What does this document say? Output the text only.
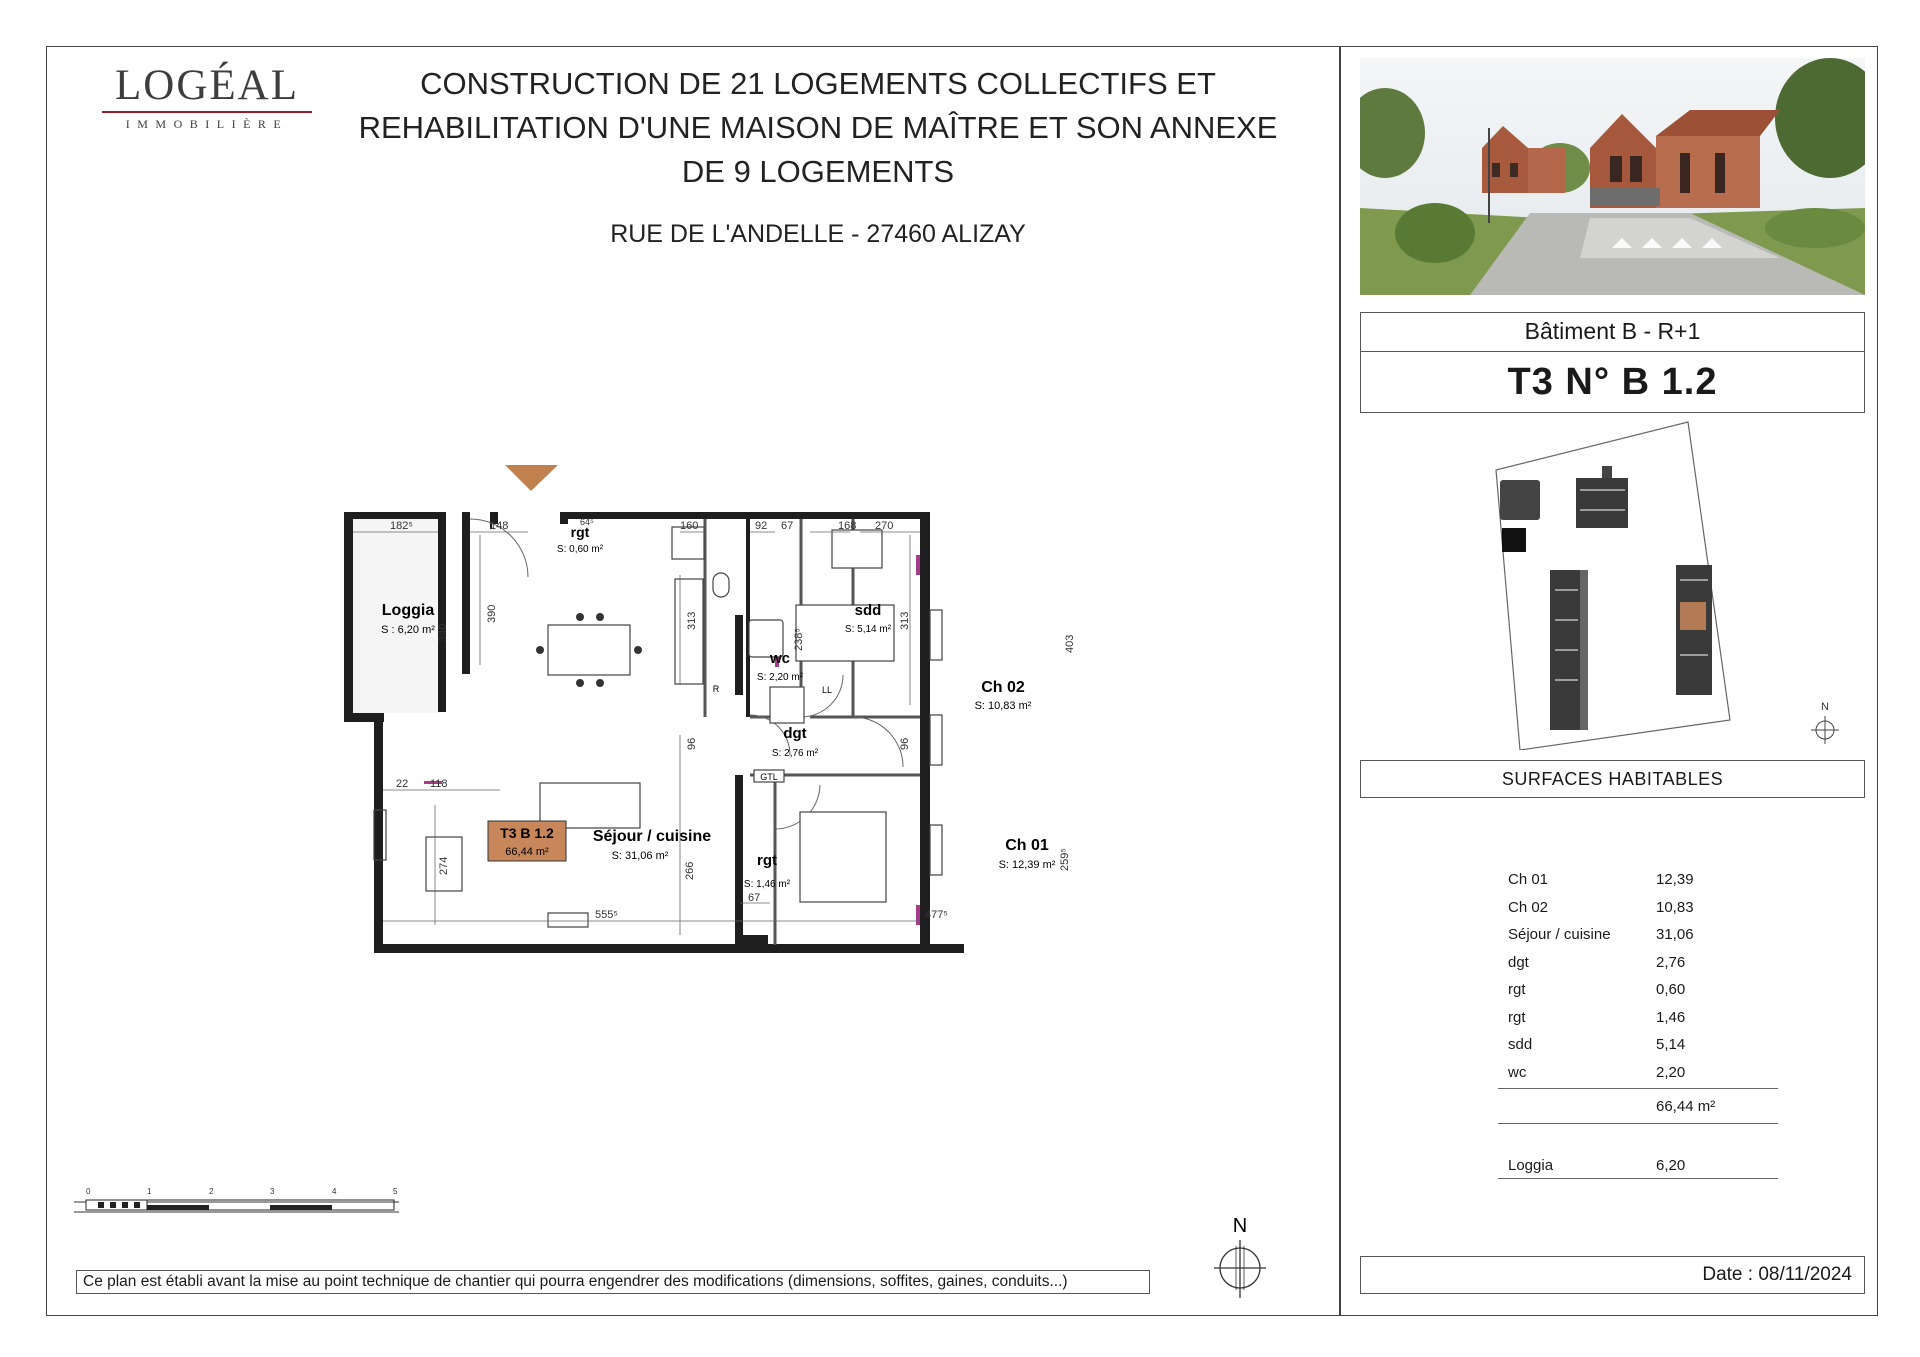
LOGÉAL
IMMOBILIÈRE
CONSTRUCTION DE 21 LOGEMENTS COLLECTIFS ET
REHABILITATION D'UNE MAISON DE MAÎTRE ET SON ANNEXE
DE 9 LOGEMENTS
RUE DE L'ANDELLE - 27460 ALIZAY
Bâtiment B - R+1
T3 N° B 1.2
N
SURFACES HABITABLES
Ch 01	12,39
Ch 02	10,83
Séjour / cuisine	31,06
dgt	2,76
rgt	0,60
rgt	1,46
sdd	5,14
wc	2,20
66,44 m²
Loggia	6,20
Date : 08/11/2024
Loggia
S : 6,20 m²
rgt
S: 0,60 m²
sdd
S: 5,14 m²
wc
S: 2,20 m²
Ch 02
S: 10,83 m²
dgt
S: 2,76 m²
Séjour / cuisine
S: 31,06 m²	rgt
S: 1,46 m²
Ch 01
S: 12,39 m²
T3 B 1.2
66,44 m²
R	LL
GTL
182⁵	148	64⁵	160	92 67	168 270
390
340
313
238⁵
313
403
96	96
118
22
274	266
555⁵
67
477⁵
259⁵
0	1	2	3	4	5
N
Ce plan est établi avant la mise au point technique de chantier qui pourra engendrer des modifications (dimensions, soffites, gaines, conduits...)
